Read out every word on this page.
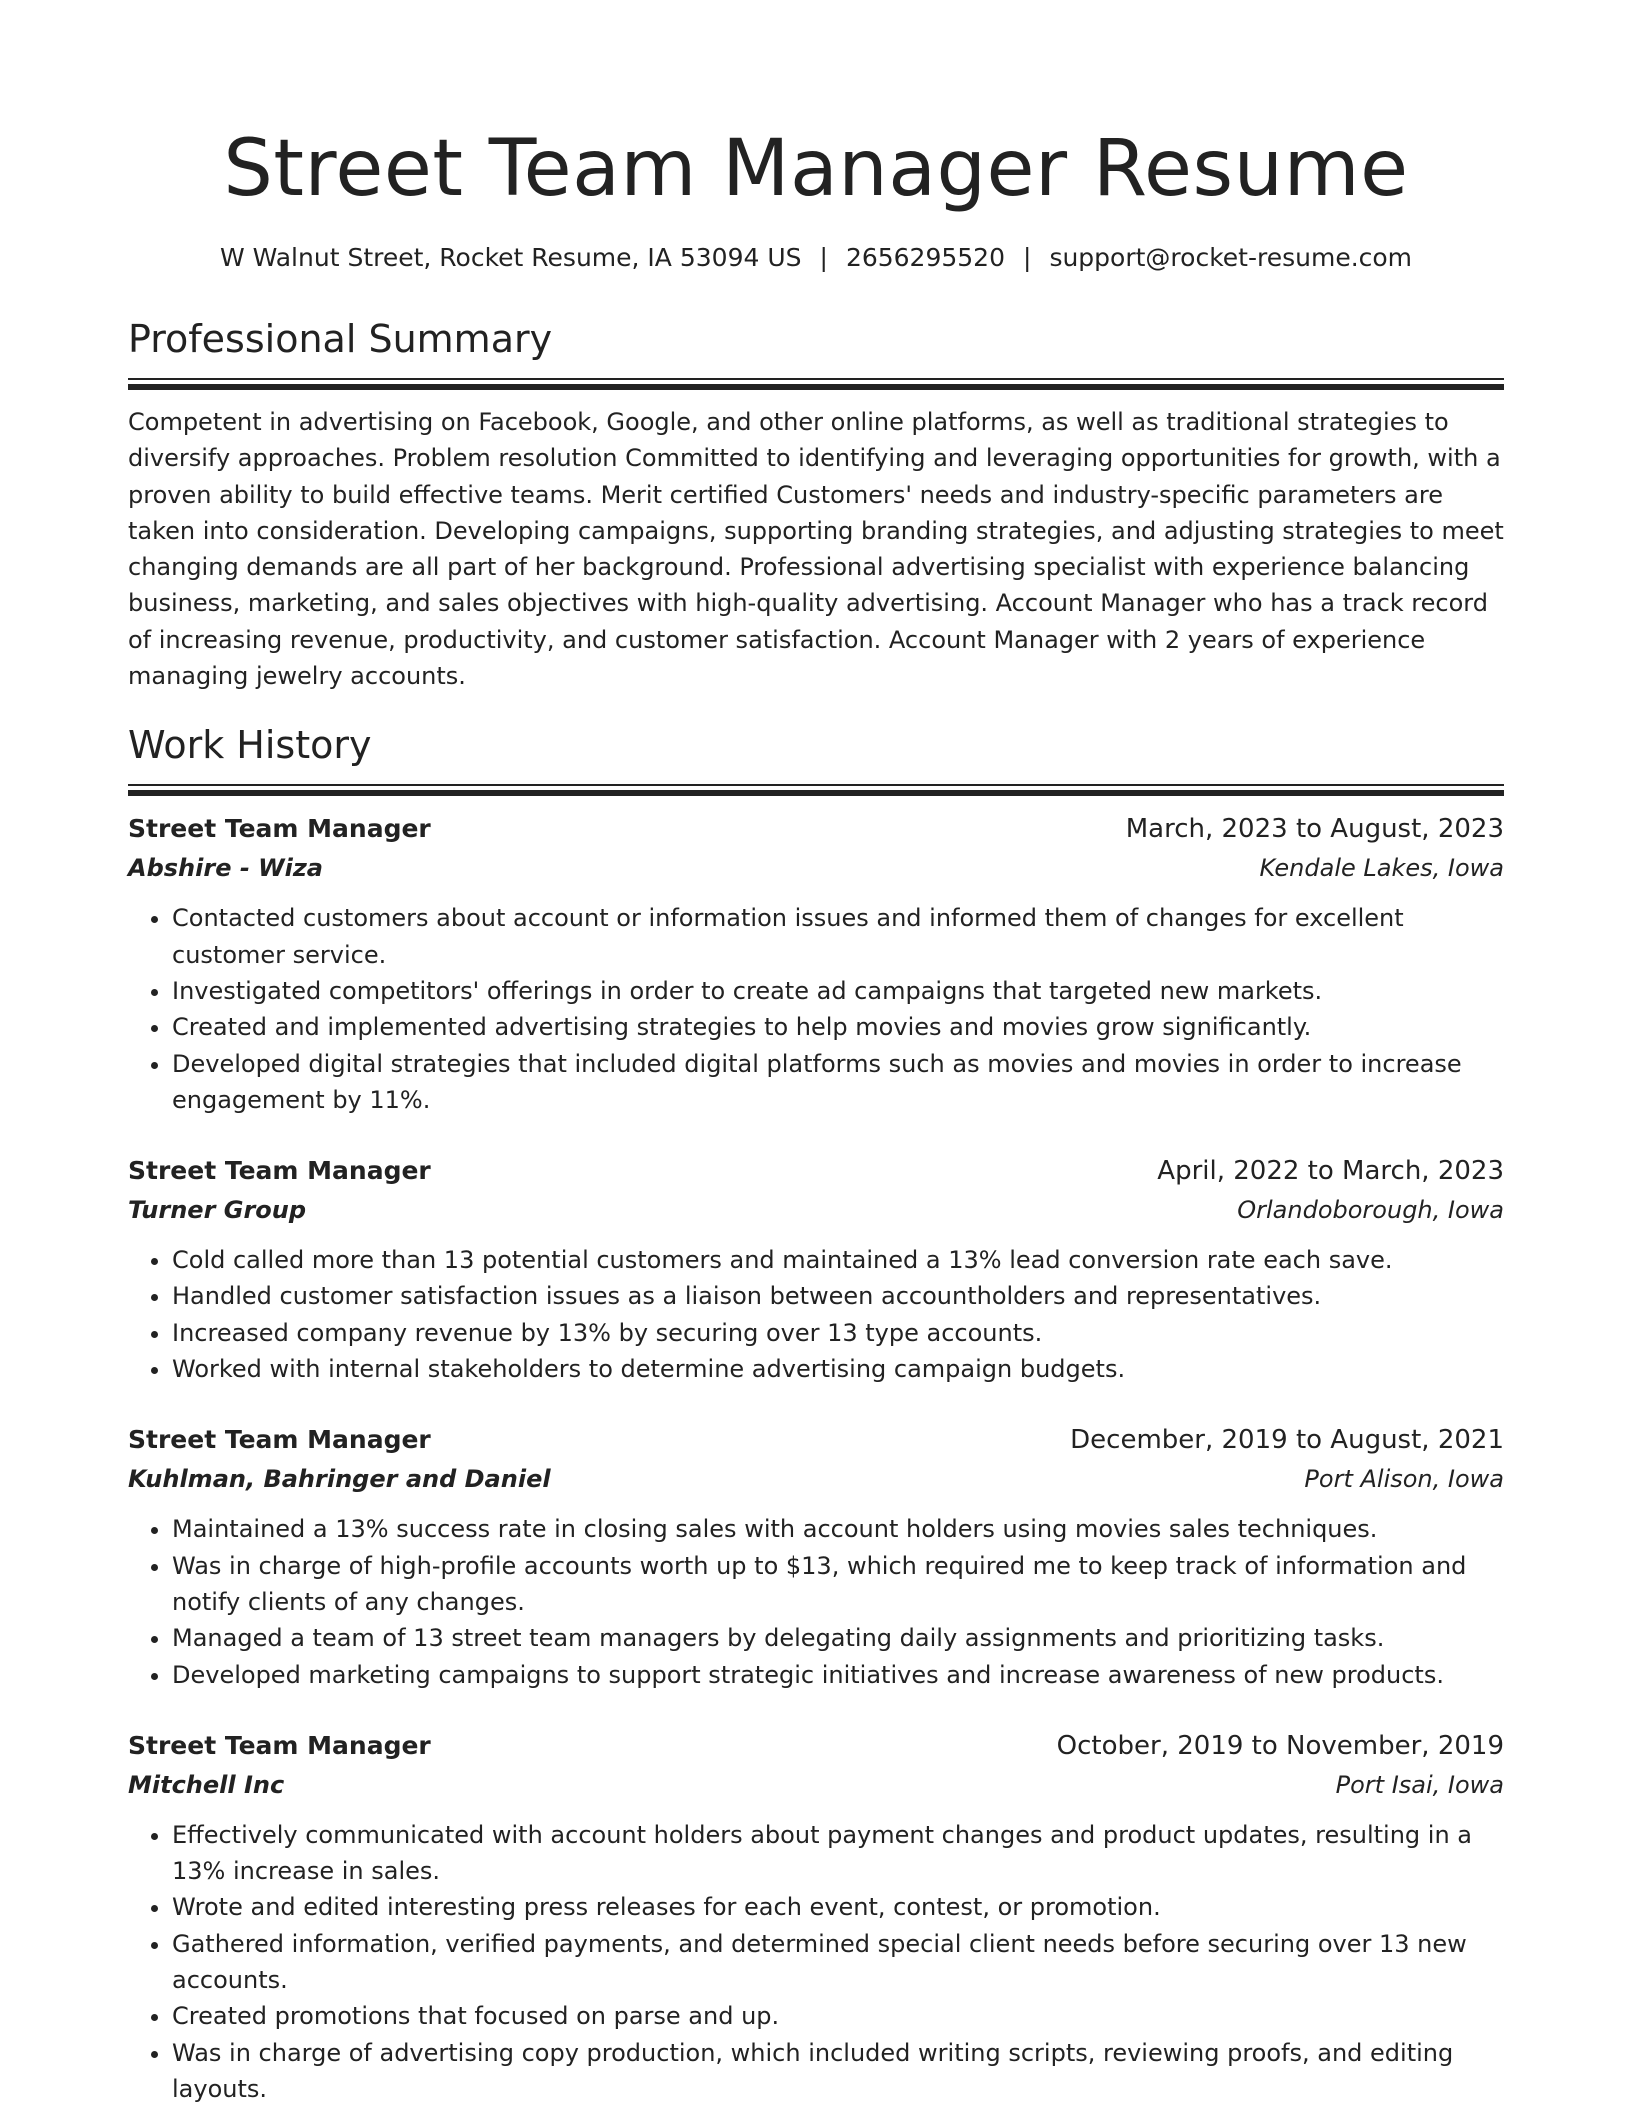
Street Team Manager Resume
W Walnut Street, Rocket Resume, IA 53094 US | 2656295520 | support@rocket-resume.com
Professional Summary

Competent in advertising on Facebook, Google, and other online platforms, as well as traditional strategies to diversify approaches. Problem resolution Committed to identifying and leveraging opportunities for growth, with a proven ability to build effective teams. Merit certified Customers' needs and industry-specific parameters are taken into consideration. Developing campaigns, supporting branding strategies, and adjusting strategies to meet changing demands are all part of her background. Professional advertising specialist with experience balancing business, marketing, and sales objectives with high-quality advertising. Account Manager who has a track record of increasing revenue, productivity, and customer satisfaction. Account Manager with 2 years of experience managing jewelry accounts.

Work History
Street Team Manager	March, 2023 to August, 2023
Abshire - Wiza	Kendale Lakes, Iowa
• Contacted customers about account or information issues and informed them of changes for excellent customer service.
• Investigated competitors' offerings in order to create ad campaigns that targeted new markets.
• Created and implemented advertising strategies to help movies and movies grow significantly.
• Developed digital strategies that included digital platforms such as movies and movies in order to increase engagement by 11%.
Street Team Manager	April, 2022 to March, 2023
Turner Group	Orlandoborough, Iowa
• Cold called more than 13 potential customers and maintained a 13% lead conversion rate each save.
• Handled customer satisfaction issues as a liaison between accountholders and representatives.
• Increased company revenue by 13% by securing over 13 type accounts.
• Worked with internal stakeholders to determine advertising campaign budgets.
Street Team Manager	December, 2019 to August, 2021
Kuhlman, Bahringer and Daniel	Port Alison, Iowa
• Maintained a 13% success rate in closing sales with account holders using movies sales techniques.
• Was in charge of high-profile accounts worth up to $13, which required me to keep track of information and notify clients of any changes.
• Managed a team of 13 street team managers by delegating daily assignments and prioritizing tasks.
• Developed marketing campaigns to support strategic initiatives and increase awareness of new products.
Street Team Manager	October, 2019 to November, 2019
Mitchell Inc	Port Isai, Iowa
• Effectively communicated with account holders about payment changes and product updates, resulting in a 13% increase in sales.
• Wrote and edited interesting press releases for each event, contest, or promotion.
• Gathered information, verified payments, and determined special client needs before securing over 13 new accounts.
• Created promotions that focused on parse and up.
• Was in charge of advertising copy production, which included writing scripts, reviewing proofs, and editing layouts.
